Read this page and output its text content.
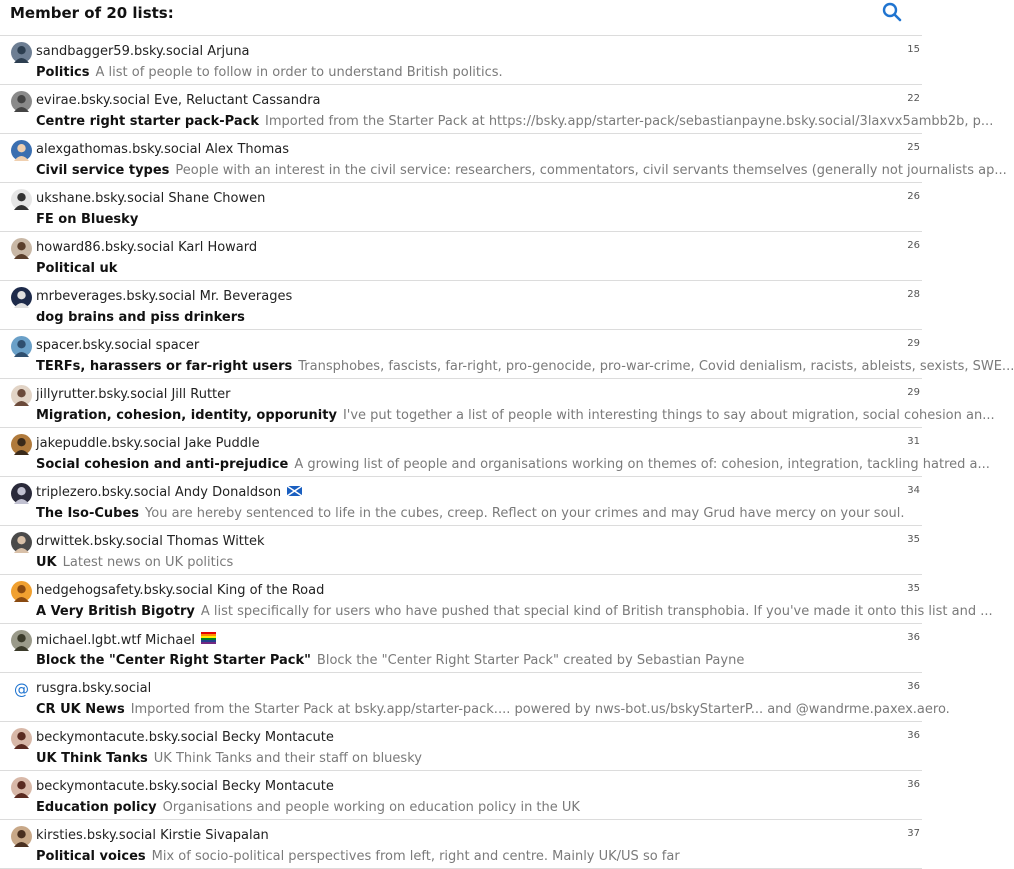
Member of 20 lists:
sandbagger59.bsky.social Arjuna	15
Politics A list of people to follow in order to understand British politics.
evirae.bsky.social Eve, Reluctant Cassandra	22
Centre right starter pack-Pack Imported from the Starter Pack at https://bsky.app/starter-pack/sebastianpayne.bsky.social/3laxvx5ambb2b, p...
alexgathomas.bsky.social Alex Thomas	25
Civil service types People with an interest in the civil service: researchers, commentators, civil servants themselves (generally not journalists ap...
ukshane.bsky.social Shane Chowen	26
FE on Bluesky
howard86.bsky.social Karl Howard	26
Political uk
mrbeverages.bsky.social Mr. Beverages	28
dog brains and piss drinkers
spacer.bsky.social spacer	29
TERFs, harassers or far-right users Transphobes, fascists, far-right, pro-genocide, pro-war-crime, Covid denialism, racists, ableists, sexists, SWE...
jillyrutter.bsky.social Jill Rutter	29
Migration, cohesion, identity, opporunity I've put together a list of people with interesting things to say about migration, social cohesion an...
jakepuddle.bsky.social Jake Puddle	31
Social cohesion and anti-prejudice A growing list of people and organisations working on themes of: cohesion, integration, tackling hatred a...
triplezero.bsky.social Andy Donaldson	34
The Iso-Cubes You are hereby sentenced to life in the cubes, creep. Reflect on your crimes and may Grud have mercy on your soul.
drwittek.bsky.social Thomas Wittek	35
UK Latest news on UK politics
hedgehogsafety.bsky.social King of the Road	35
A Very British Bigotry A list specifically for users who have pushed that special kind of British transphobia. If you've made it onto this list and ...
michael.lgbt.wtf Michael	36
Block the "Center Right Starter Pack" Block the "Center Right Starter Pack" created by Sebastian Payne
@ rusgra.bsky.social	36
CR UK News Imported from the Starter Pack at bsky.app/starter-pack.... powered by nws-bot.us/bskyStarterP... and @wandrme.paxex.aero.
beckymontacute.bsky.social Becky Montacute	36
UK Think Tanks UK Think Tanks and their staff on bluesky
beckymontacute.bsky.social Becky Montacute	36
Education policy Organisations and people working on education policy in the UK
kirsties.bsky.social Kirstie Sivapalan	37
Political voices Mix of socio-political perspectives from left, right and centre. Mainly UK/US so far
